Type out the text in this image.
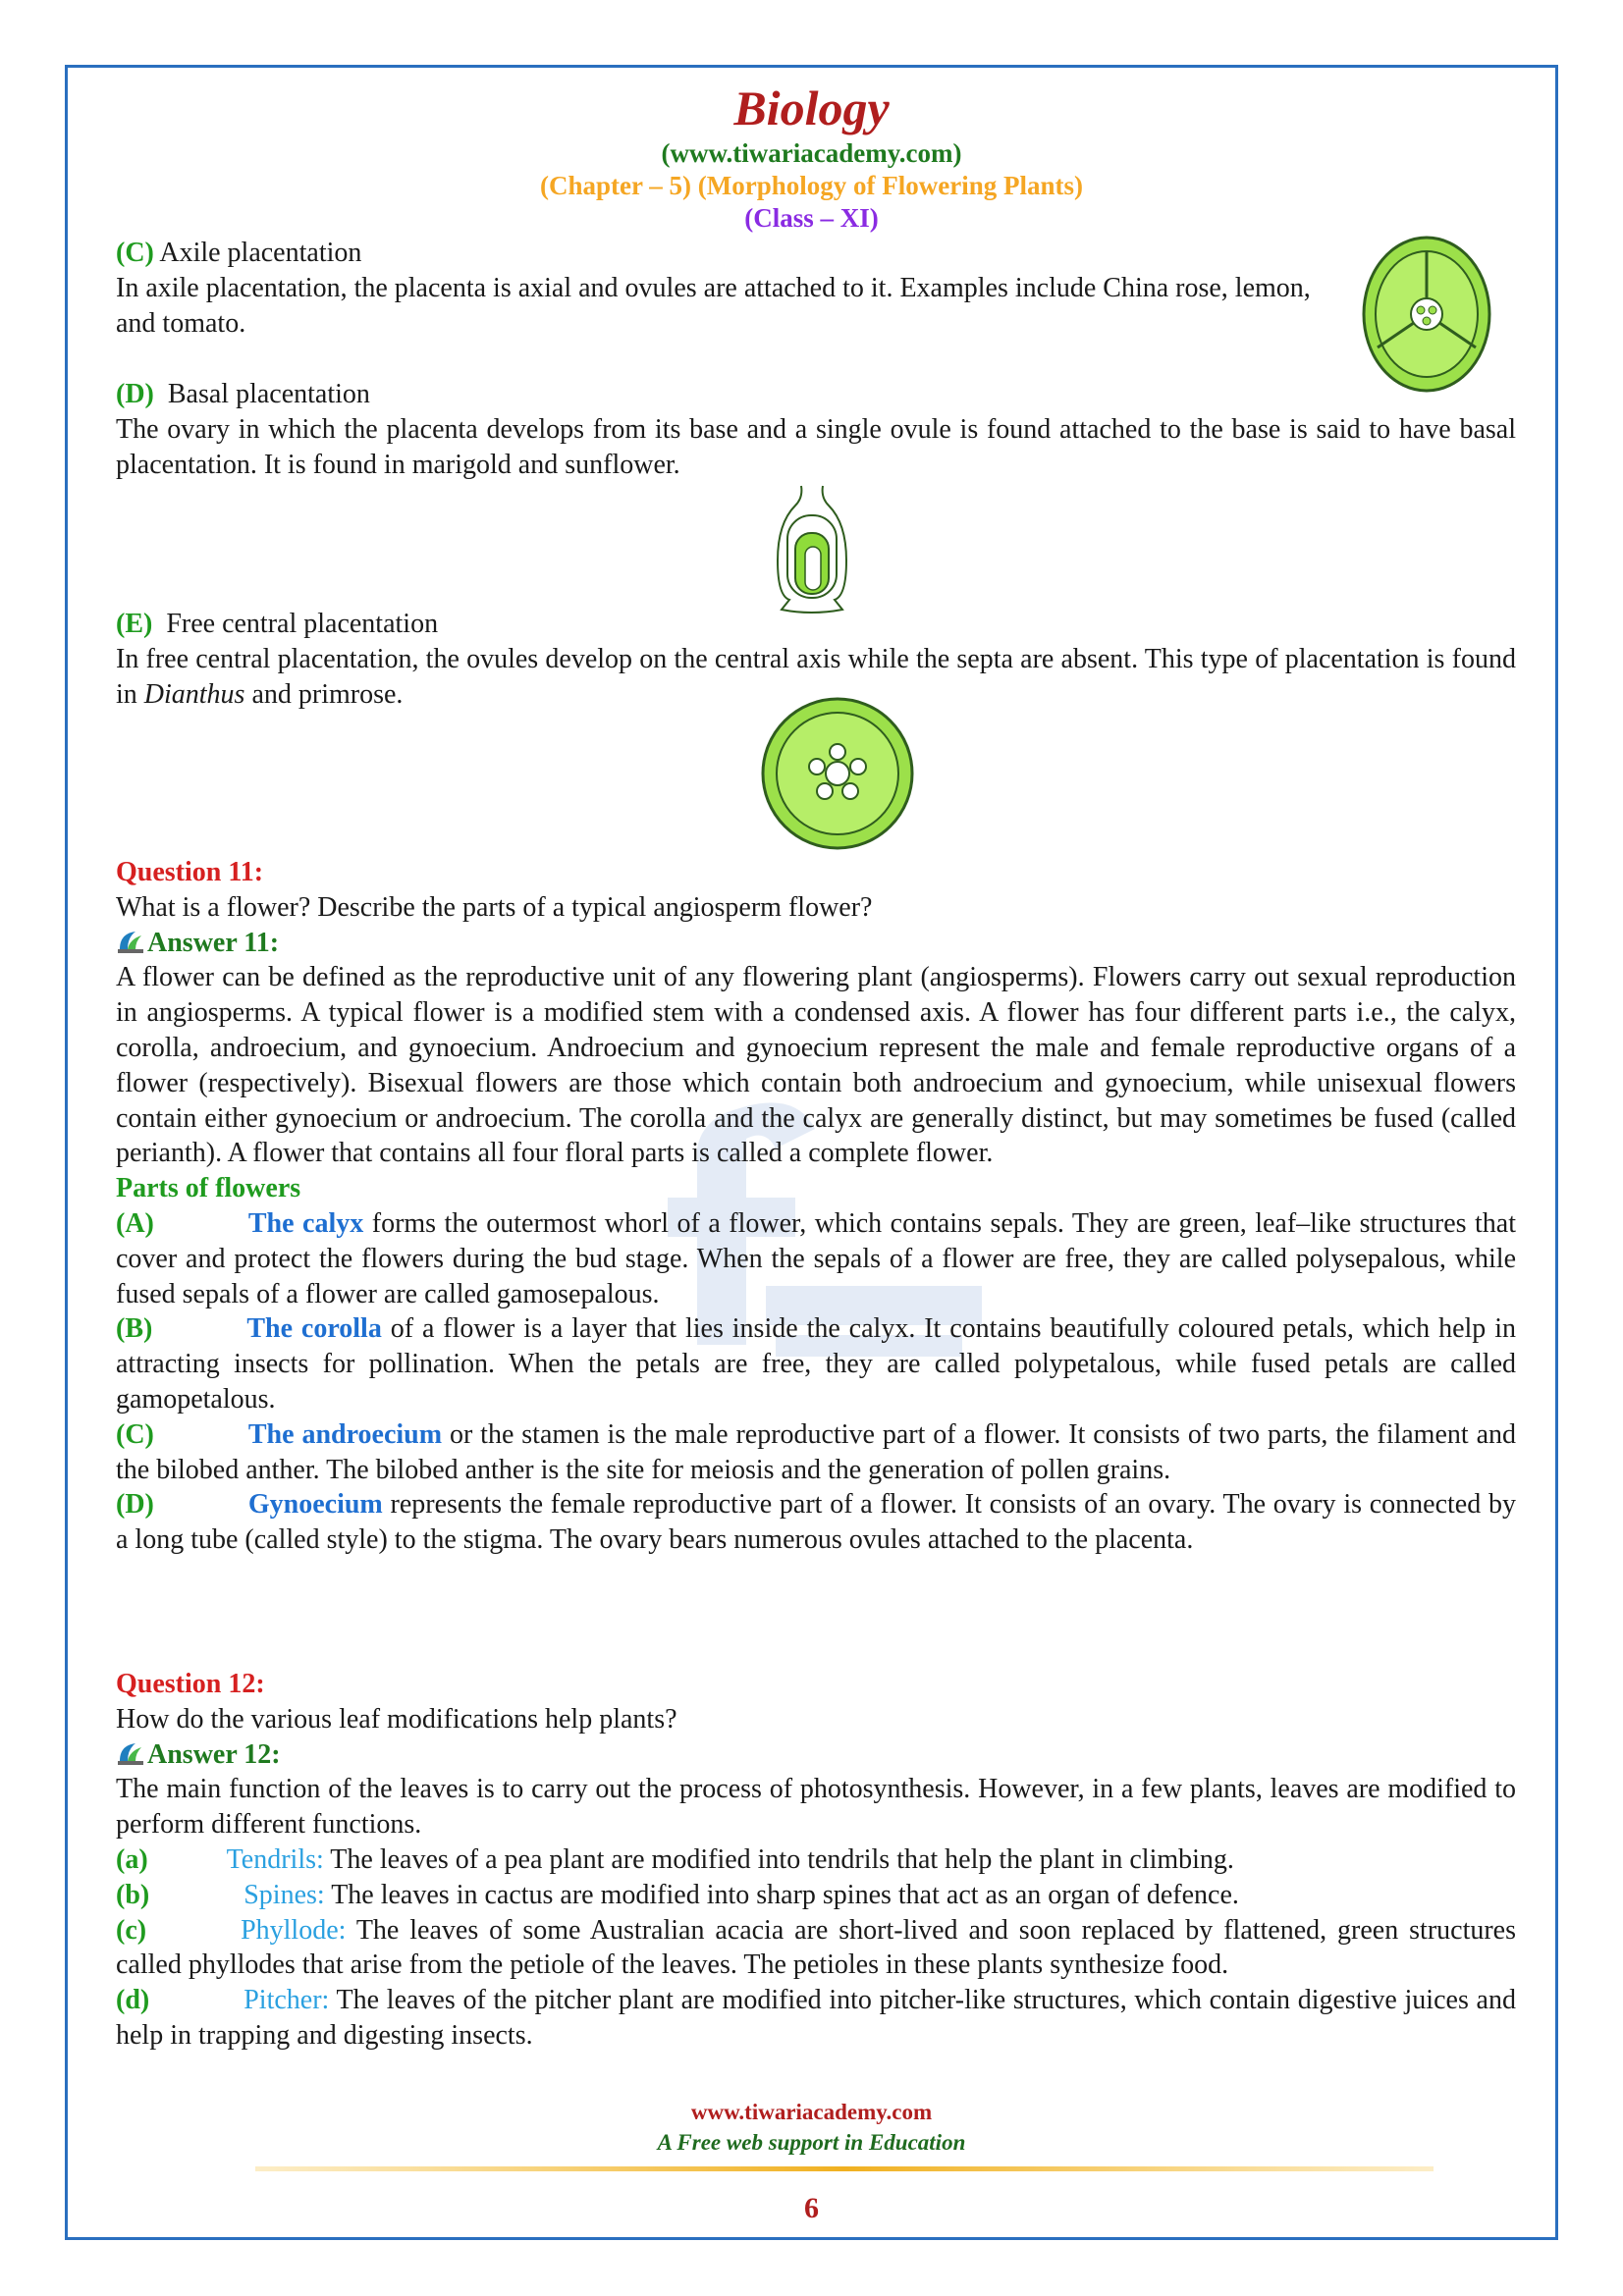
Biology
(www.tiwariacademy.com)
(Chapter – 5) (Morphology of Flowering Plants)
(Class – XI)

(C) Axile placentation

In axile placentation, the placenta is axial and ovules are attached to it. Examples include China rose, lemon, and tomato.

(D) Basal placentation

The ovary in which the placenta develops from its base and a single ovule is found attached to the base is said to have basal placentation. It is found in marigold and sunflower.

(E) Free central placentation

In free central placentation, the ovules develop on the central axis while the septa are absent. This type of placentation is found in Dianthus and primrose.

Question 11:

What is a flower? Describe the parts of a typical angiosperm flower?

Answer 11:

A flower can be defined as the reproductive unit of any flowering plant (angiosperms). Flowers carry out sexual reproduction in angiosperms. A typical flower is a modified stem with a condensed axis. A flower has four different parts i.e., the calyx, corolla, androecium, and gynoecium. Androecium and gynoecium represent the male and female reproductive organs of a flower (respectively). Bisexual flowers are those which contain both androecium and gynoecium, while unisexual flowers contain either gynoecium or androecium. The corolla and the calyx are generally distinct, but may sometimes be fused (called perianth). A flower that contains all four floral parts is called a complete flower.

Parts of flowers

(A)	The calyx forms the outermost whorl of a flower, which contains sepals. They are green, leaf–like structures that cover and protect the flowers during the bud stage. When the sepals of a flower are free, they are called polysepalous, while fused sepals of a flower are called gamosepalous.

(B)	The corolla of a flower is a layer that lies inside the calyx. It contains beautifully coloured petals, which help in attracting insects for pollination. When the petals are free, they are called polypetalous, while fused petals are called gamopetalous.

(C)	The androecium or the stamen is the male reproductive part of a flower. It consists of two parts, the filament and the bilobed anther. The bilobed anther is the site for meiosis and the generation of pollen grains.

(D)	Gynoecium represents the female reproductive part of a flower. It consists of an ovary. The ovary is connected by a long tube (called style) to the stigma. The ovary bears numerous ovules attached to the placenta.

Question 12:

How do the various leaf modifications help plants?

Answer 12:

The main function of the leaves is to carry out the process of photosynthesis. However, in a few plants, leaves are modified to perform different functions.

(a)	Tendrils: The leaves of a pea plant are modified into tendrils that help the plant in climbing.

(b)	Spines: The leaves in cactus are modified into sharp spines that act as an organ of defence.

(c)	Phyllode: The leaves of some Australian acacia are short-lived and soon replaced by flattened, green structures called phyllodes that arise from the petiole of the leaves. The petioles in these plants synthesize food.

(d)	Pitcher: The leaves of the pitcher plant are modified into pitcher-like structures, which contain digestive juices and help in trapping and digesting insects.

www.tiwariacademy.com
A Free web support in Education
6
